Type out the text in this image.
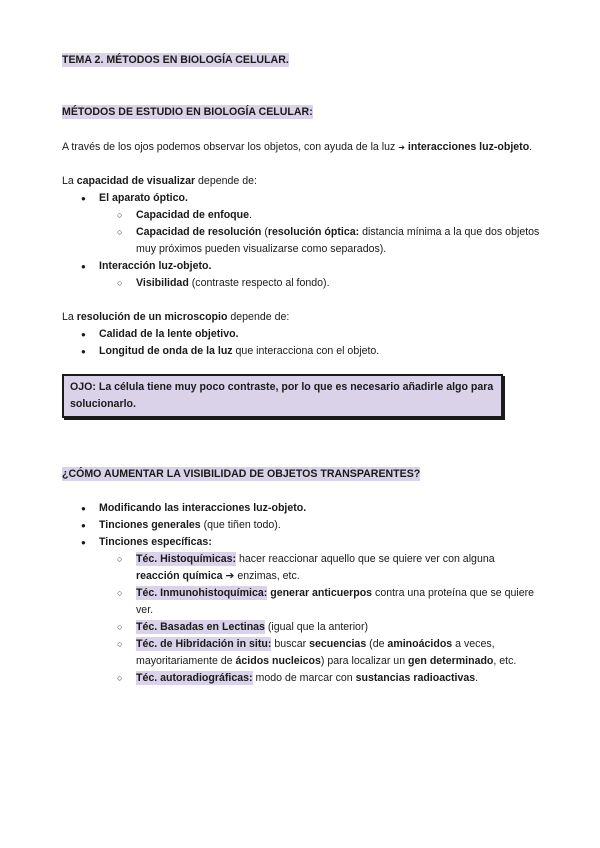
TEMA 2. MÉTODOS EN BIOLOGÍA CELULAR.

MÉTODOS DE ESTUDIO EN BIOLOGÍA CELULAR:

A través de los ojos podemos observar los objetos, con ayuda de la luz ➔ interacciones luz-objeto.

La capacidad de visualizar depende de:

● El aparato óptico.
○ Capacidad de enfoque.
○ Capacidad de resolución (resolución óptica: distancia mínima a la que dos objetos muy próximos pueden visualizarse como separados).
● Interacción luz-objeto.
○ Visibilidad (contraste respecto al fondo).

La resolución de un microscopio depende de:

● Calidad de la lente objetivo.
● Longitud de onda de la luz que interacciona con el objeto.
OJO: La célula tiene muy poco contraste, por lo que es necesario añadirle algo para solucionarlo.

¿CÓMO AUMENTAR LA VISIBILIDAD DE OBJETOS TRANSPARENTES?

● Modificando las interacciones luz-objeto.
● Tinciones generales (que tiñen todo).
● Tinciones específicas:
○ Téc. Histoquímicas: hacer reaccionar aquello que se quiere ver con alguna reacción química ➔ enzimas, etc.
○ Téc. Inmunohistoquímica: generar anticuerpos contra una proteína que se quiere ver.
○ Téc. Basadas en Lectinas (igual que la anterior)
○ Téc. de Hibridación in situ: buscar secuencias (de aminoácidos a veces, mayoritariamente de ácidos nucleicos) para localizar un gen determinado, etc.
○ Téc. autoradiográficas: modo de marcar con sustancias radioactivas.
